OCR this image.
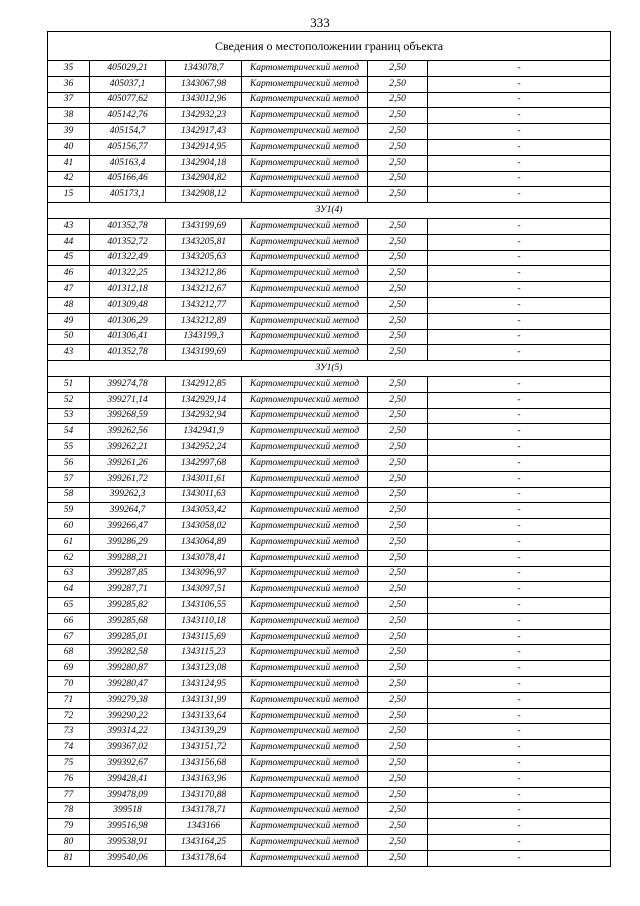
333
Сведения о местоположении границ объекта					
35	405029,21	1343078,7	Картометрический метод	2,50	-
36	405037,1	1343067,98	Картометрический метод	2,50	-
37	405077,62	1343012,96	Картометрический метод	2,50	-
38	405142,76	1342932,23	Картометрический метод	2,50	-
39	405154,7	1342917,43	Картометрический метод	2,50	-
40	405156,77	1342914,95	Картометрический метод	2,50	-
41	405163,4	1342904,18	Картометрический метод	2,50	-
42	405166,46	1342904,82	Картометрический метод	2,50	-
15	405173,1	1342908,12	Картометрический метод	2,50	-
ЗУ1(4)					
43	401352,78	1343199,69	Картометрический метод	2,50	-
44	401352,72	1343205,81	Картометрический метод	2,50	-
45	401322,49	1343205,63	Картометрический метод	2,50	-
46	401322,25	1343212,86	Картометрический метод	2,50	-
47	401312,18	1343212,67	Картометрический метод	2,50	-
48	401309,48	1343212,77	Картометрический метод	2,50	-
49	401306,29	1343212,89	Картометрический метод	2,50	-
50	401306,41	1343199,3	Картометрический метод	2,50	-
43	401352,78	1343199,69	Картометрический метод	2,50	-
ЗУ1(5)					
51	399274,78	1342912,85	Картометрический метод	2,50	-
52	399271,14	1342929,14	Картометрический метод	2,50	-
53	399268,59	1342932,94	Картометрический метод	2,50	-
54	399262,56	1342941,9	Картометрический метод	2,50	-
55	399262,21	1342952,24	Картометрический метод	2,50	-
56	399261,26	1342997,68	Картометрический метод	2,50	-
57	399261,72	1343011,61	Картометрический метод	2,50	-
58	399262,3	1343011,63	Картометрический метод	2,50	-
59	399264,7	1343053,42	Картометрический метод	2,50	-
60	399266,47	1343058,02	Картометрический метод	2,50	-
61	399286,29	1343064,89	Картометрический метод	2,50	-
62	399288,21	1343078,41	Картометрический метод	2,50	-
63	399287,85	1343096,97	Картометрический метод	2,50	-
64	399287,71	1343097,51	Картометрический метод	2,50	-
65	399285,82	1343106,55	Картометрический метод	2,50	-
66	399285,68	1343110,18	Картометрический метод	2,50	-
67	399285,01	1343115,69	Картометрический метод	2,50	-
68	399282,58	1343115,23	Картометрический метод	2,50	-
69	399280,87	1343123,08	Картометрический метод	2,50	-
70	399280,47	1343124,95	Картометрический метод	2,50	-
71	399279,38	1343131,99	Картометрический метод	2,50	-
72	399290,22	1343133,64	Картометрический метод	2,50	-
73	399314,22	1343139,29	Картометрический метод	2,50	-
74	399367,02	1343151,72	Картометрический метод	2,50	-
75	399392,67	1343156,68	Картометрический метод	2,50	-
76	399428,41	1343163,96	Картометрический метод	2,50	-
77	399478,09	1343170,88	Картометрический метод	2,50	-
78	399518	1343178,71	Картометрический метод	2,50	-
79	399516,98	1343166	Картометрический метод	2,50	-
80	399538,91	1343164,25	Картометрический метод	2,50	-
81	399540,06	1343178,64	Картометрический метод	2,50	-
